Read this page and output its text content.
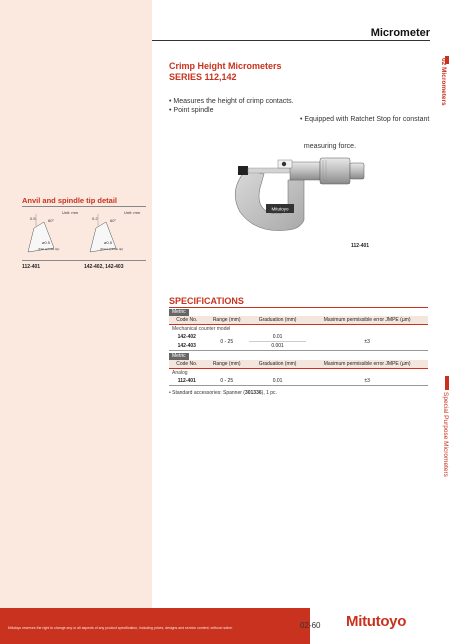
Micrometer
02
Micrometers
Special Purpose Micrometers
Crimp Height Micrometers
SERIES 112,142
• Measures the height of crimp contacts.
• Point spindle

• Equipped with Ratchet Stop for constant

measuring force.

Mitutoyo
112-401
Anvil and spindle tip detail
Unit: mm	Unit: mm
0.5	60°
ø0.5
(Flat spindle tip)
0.2	60°
ø0.5
(Point spindle tip)
112-401	142-402, 142-403
SPECIFICATIONS
Metric
Code No.	Range (mm)	Graduation (mm)	Maximum permissible error JMPE (µm)
Mechanical counter model			
142-402	0 - 25	0.01	±3
142-403		0.001	
Metric
Code No.	Range (mm)	Graduation (mm)	Maximum permissible error JMPE (µm)
Analog			
112-401	0 - 25	0.01	±3
• Standard accessories: Spanner (301336), 1 pc.
Mitutoyo reserves the right to change any or all aspects of any product specification, including prices, designs and service content, without notice.	02-60 Mitutoyo
